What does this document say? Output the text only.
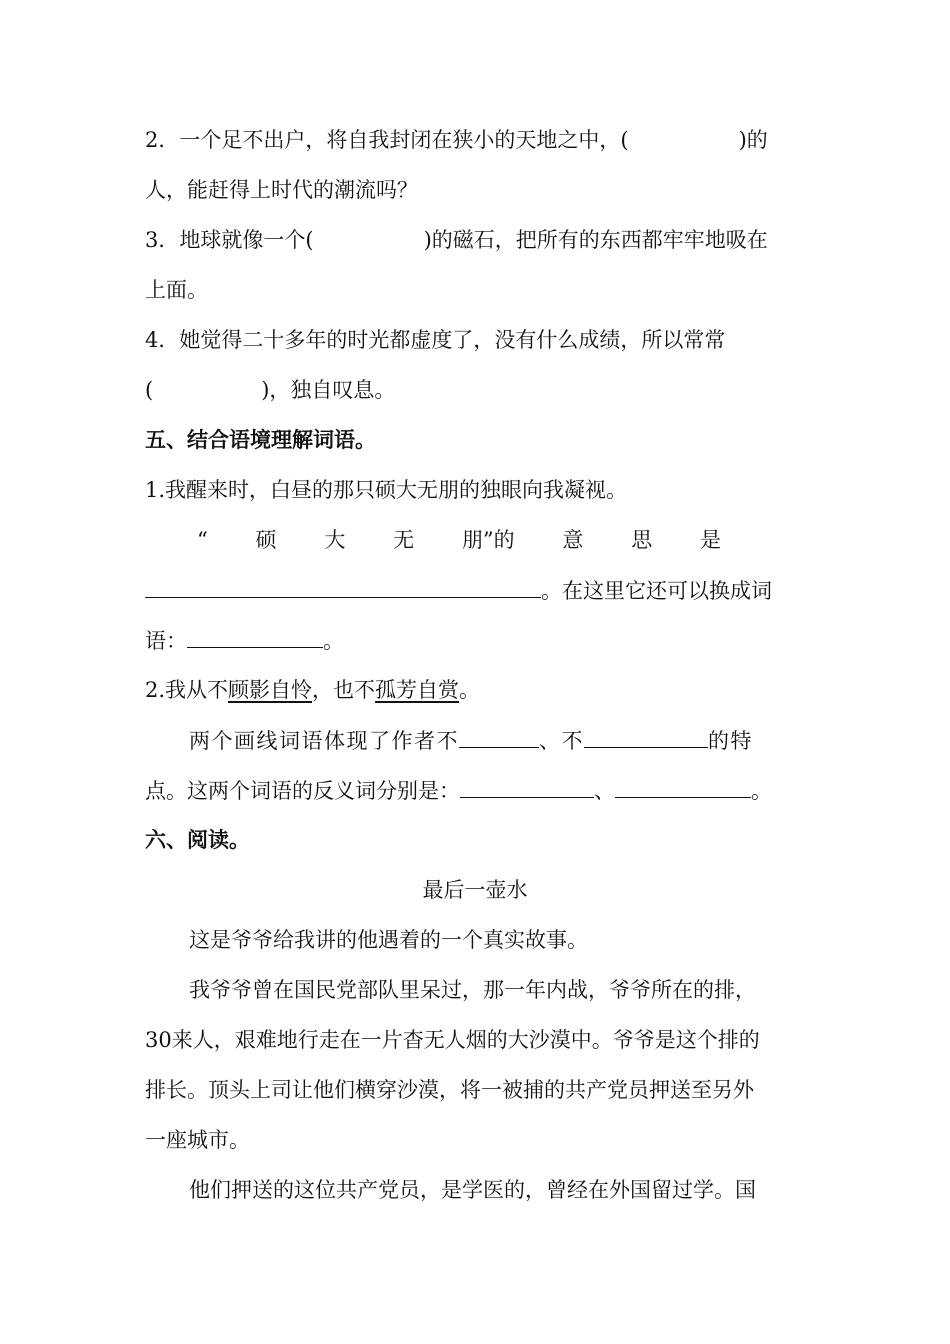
2．一个足不出户，将自我封闭在狭小的天地之中，(	)的
人，能赶得上时代的潮流吗？
3．地球就像一个(	)的磁石，把所有的东西都牢牢地吸在
上面。
4．她觉得二十多年的时光都虚度了，没有什么成绩，所以常常
(	)，独自叹息。
五、结合语境理解词语。
1.我醒来时，白昼的那只硕大无朋的独眼向我凝视。
“ 硕 大 无 朋”的 意 思 是
。在这里它还可以换成词
语：	。
2.我从不顾影自怜，也不孤芳自赏。
两个画线词语体现了作者不	、不	的特
点。这两个词语的反义词分别是：	、	。
六、阅读。
最后一壶水
这是爷爷给我讲的他遇着的一个真实故事。
我爷爷曾在国民党部队里呆过，那一年内战，爷爷所在的排，
30来人，艰难地行走在一片杳无人烟的大沙漠中。爷爷是这个排的
排长。顶头上司让他们横穿沙漠，将一被捕的共产党员押送至另外
一座城市。
他们押送的这位共产党员，是学医的，曾经在外国留过学。国
